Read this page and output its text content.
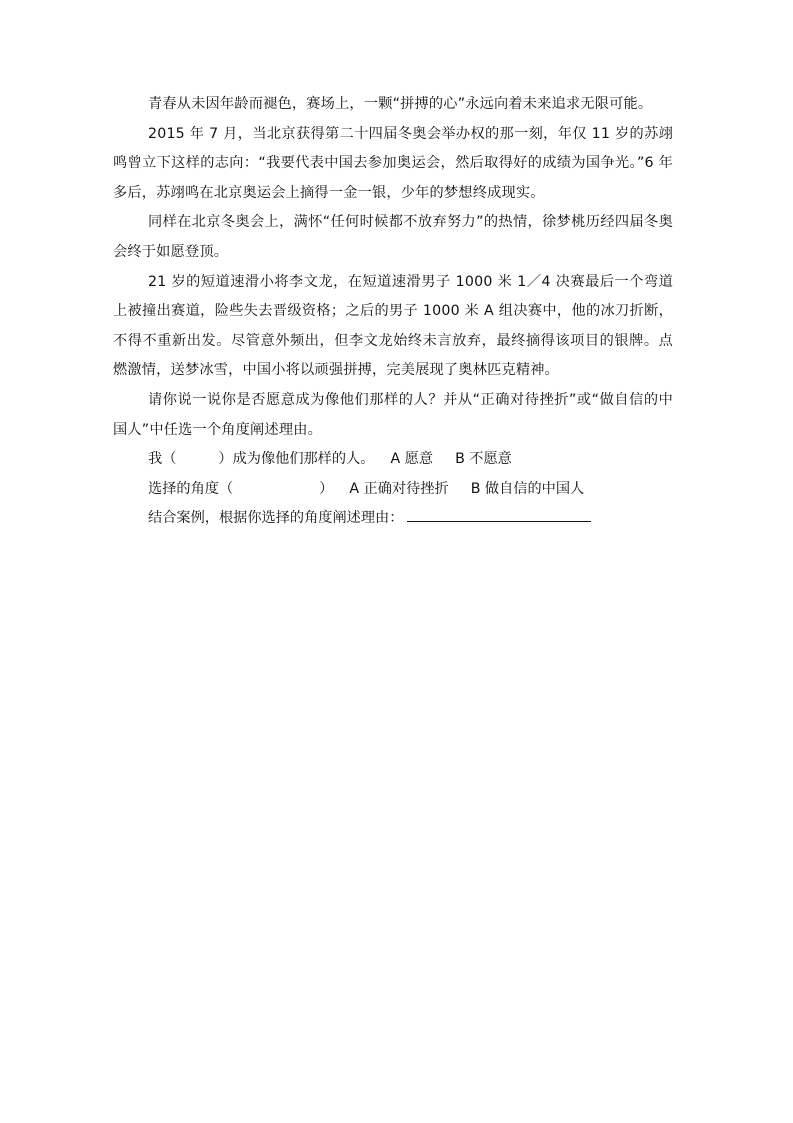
青春从未因年龄而褪色，赛场上，一颗“拼搏的心”永远向着未来追求无限可能。

2015 年 7 月，当北京获得第二十四届冬奥会举办权的那一刻，年仅 11 岁的苏翊鸣曾立下这样的志向：“我要代表中国去参加奥运会，然后取得好的成绩为国争光。”6 年多后，苏翊鸣在北京奥运会上摘得一金一银，少年的梦想终成现实。

同样在北京冬奥会上，满怀“任何时候都不放弃努力”的热情，徐梦桃历经四届冬奥会终于如愿登顶。

21 岁的短道速滑小将李文龙，在短道速滑男子 1000 米 1／4 决赛最后一个弯道上被撞出赛道，险些失去晋级资格；之后的男子 1000 米 A 组决赛中，他的冰刀折断，不得不重新出发。尽管意外频出，但李文龙始终未言放弃，最终摘得该项目的银牌。点燃激情，送梦冰雪，中国小将以顽强拼搏，完美展现了奥林匹克精神。

请你说一说你是否愿意成为像他们那样的人？并从“正确对待挫折”或“做自信的中国人”中任选一个角度阐述理由。

我（	）成为像他们那样的人。 A 愿意 B 不愿意

选择的角度（	） A 正确对待挫折 B 做自信的中国人

结合案例，根据你选择的角度阐述理由：
